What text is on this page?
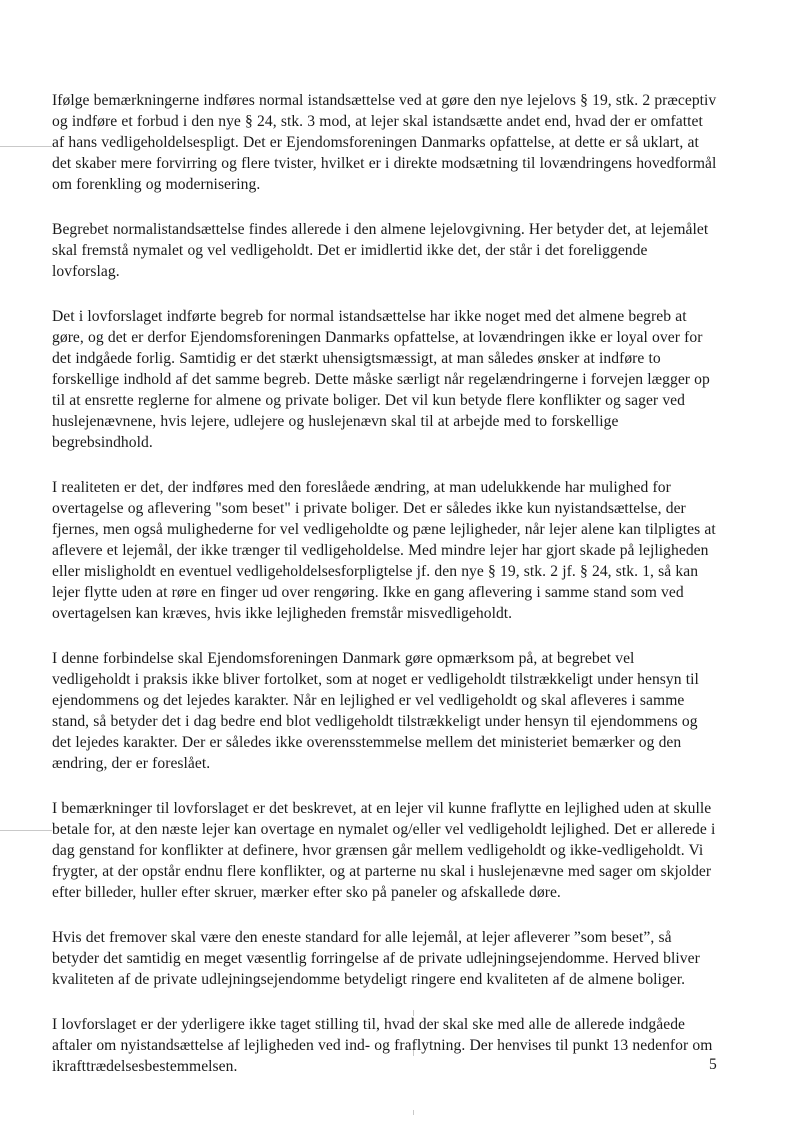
Ifølge bemærkningerne indføres normal istandsættelse ved at gøre den nye lejelovs § 19, stk. 2 præceptiv og indføre et forbud i den nye § 24, stk. 3 mod, at lejer skal istandsætte andet end, hvad der er omfattet af hans vedligeholdelsespligt. Det er Ejendomsforeningen Danmarks opfattelse, at dette er så uklart, at det skaber mere forvirring og flere tvister, hvilket er i direkte modsætning til lovændringens hovedformål om forenkling og modernisering.

Begrebet normalistandsættelse findes allerede i den almene lejelovgivning. Her betyder det, at lejemålet skal fremstå nymalet og vel vedligeholdt. Det er imidlertid ikke det, der står i det foreliggende lovforslag.

Det i lovforslaget indførte begreb for normal istandsættelse har ikke noget med det almene begreb at gøre, og det er derfor Ejendomsforeningen Danmarks opfattelse, at lovændringen ikke er loyal over for det indgåede forlig. Samtidig er det stærkt uhensigtsmæssigt, at man således ønsker at indføre to forskellige indhold af det samme begreb. Dette måske særligt når regelændringerne i forvejen lægger op til at ensrette reglerne for almene og private boliger. Det vil kun betyde flere konflikter og sager ved huslejenævnene, hvis lejere, udlejere og huslejenævn skal til at arbejde med to forskellige begrebsindhold.

I realiteten er det, der indføres med den foreslåede ændring, at man udelukkende har mulighed for overtagelse og aflevering "som beset" i private boliger. Det er således ikke kun nyistandsættelse, der fjernes, men også mulighederne for vel vedligeholdte og pæne lejligheder, når lejer alene kan tilpligtes at aflevere et lejemål, der ikke trænger til vedligeholdelse. Med mindre lejer har gjort skade på lejligheden eller misligholdt en eventuel vedligeholdelsesforpligtelse jf. den nye § 19, stk. 2 jf. § 24, stk. 1, så kan lejer flytte uden at røre en finger ud over rengøring. Ikke en gang aflevering i samme stand som ved overtagelsen kan kræves, hvis ikke lejligheden fremstår misvedligeholdt.

I denne forbindelse skal Ejendomsforeningen Danmark gøre opmærksom på, at begrebet vel vedligeholdt i praksis ikke bliver fortolket, som at noget er vedligeholdt tilstrækkeligt under hensyn til ejendommens og det lejedes karakter. Når en lejlighed er vel vedligeholdt og skal afleveres i samme stand, så betyder det i dag bedre end blot vedligeholdt tilstrækkeligt under hensyn til ejendommens og det lejedes karakter. Der er således ikke overensstemmelse mellem det ministeriet bemærker og den ændring, der er foreslået.

I bemærkninger til lovforslaget er det beskrevet, at en lejer vil kunne fraflytte en lejlighed uden at skulle betale for, at den næste lejer kan overtage en nymalet og/eller vel vedligeholdt lejlighed. Det er allerede i dag genstand for konflikter at definere, hvor grænsen går mellem vedligeholdt og ikke-vedligeholdt. Vi frygter, at der opstår endnu flere konflikter, og at parterne nu skal i huslejenævne med sager om skjolder efter billeder, huller efter skruer, mærker efter sko på paneler og afskallede døre.

Hvis det fremover skal være den eneste standard for alle lejemål, at lejer afleverer ”som beset”, så betyder det samtidig en meget væsentlig forringelse af de private udlejningsejendomme. Herved bliver kvaliteten af de private udlejningsejendomme betydeligt ringere end kvaliteten af de almene boliger.

I lovforslaget er der yderligere ikke taget stilling til, hvad der skal ske med alle de allerede indgåede aftaler om nyistandsættelse af lejligheden ved ind- og fraflytning. Der henvises til punkt 13 nedenfor om ikrafttrædelsesbestemmelsen.	5
